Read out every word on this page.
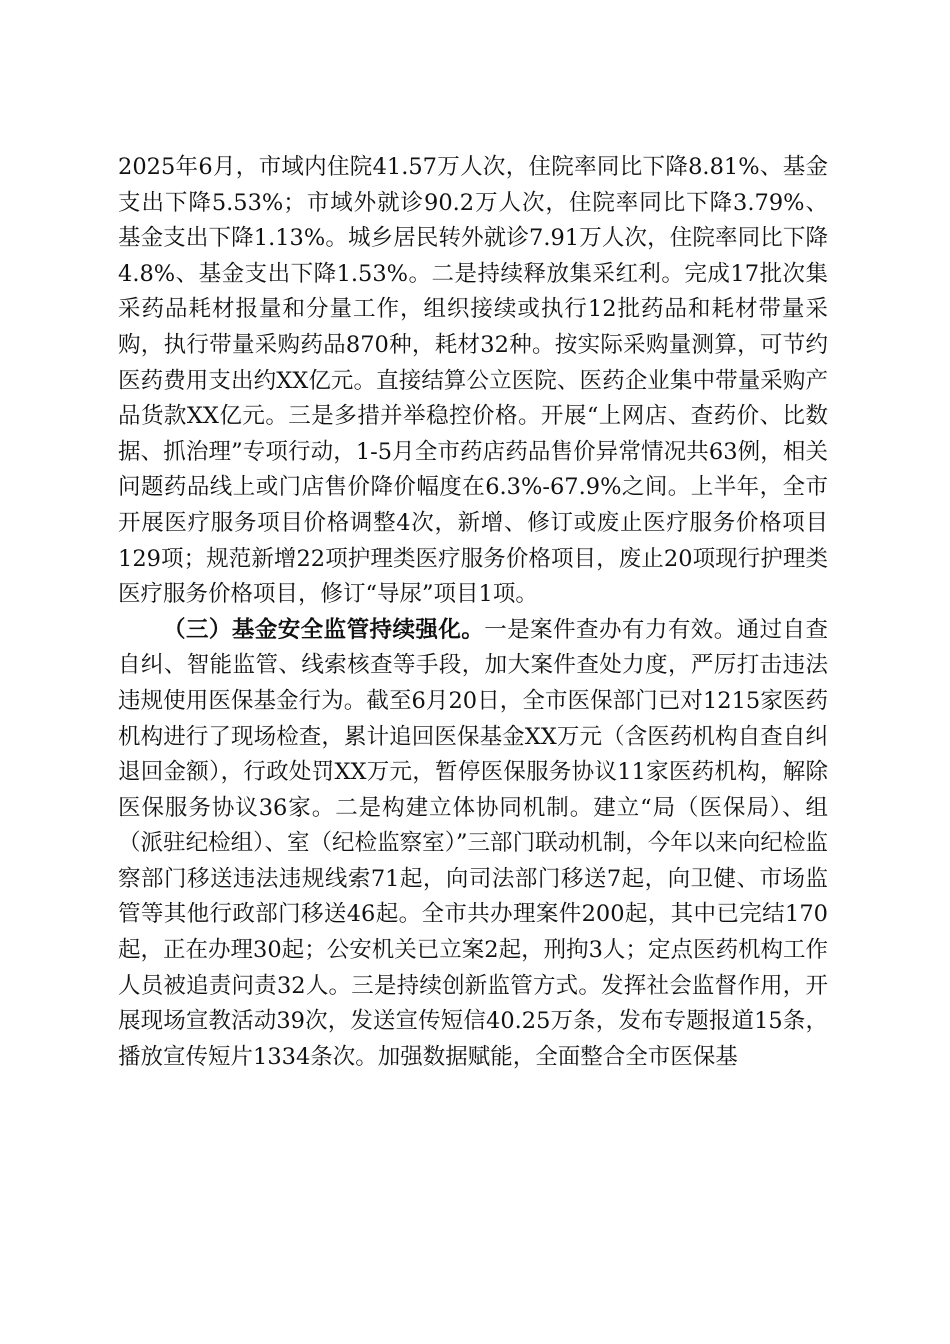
2025年6月，市域内住院41.57万人次，住院率同比下降8.81%、基金支出下降5.53%；市域外就诊90.2万人次，住院率同比下降3.79%、基金支出下降1.13%。城乡居民转外就诊7.91万人次，住院率同比下降4.8%、基金支出下降1.53%。二是持续释放集采红利。完成17批次集采药品耗材报量和分量工作，组织接续或执行12批药品和耗材带量采购，执行带量采购药品870种，耗材32种。按实际采购量测算，可节约医药费用支出约XX亿元。直接结算公立医院、医药企业集中带量采购产品货款XX亿元。三是多措并举稳控价格。开展“上网店、查药价、比数据、抓治理”专项行动，1-5月全市药店药品售价异常情况共63例，相关问题药品线上或门店售价降价幅度在6.3%-67.9%之间。上半年，全市开展医疗服务项目价格调整4次，新增、修订或废止医疗服务价格项目129项；规范新增22项护理类医疗服务价格项目，废止20项现行护理类医疗服务价格项目，修订“导尿”项目1项。

（三）基金安全监管持续强化。一是案件查办有力有效。通过自查自纠、智能监管、线索核查等手段，加大案件查处力度，严厉打击违法违规使用医保基金行为。截至6月20日，全市医保部门已对1215家医药机构进行了现场检查，累计追回医保基金XX万元（含医药机构自查自纠退回金额），行政处罚XX万元，暂停医保服务协议11家医药机构，解除医保服务协议36家。二是构建立体协同机制。建立“局（医保局）、组（派驻纪检组）、室（纪检监察室）”三部门联动机制，今年以来向纪检监察部门移送违法违规线索71起，向司法部门移送7起，向卫健、市场监管等其他行政部门移送46起。全市共办理案件200起，其中已完结170起，正在办理30起；公安机关已立案2起，刑拘3人；定点医药机构工作人员被追责问责32人。三是持续创新监管方式。发挥社会监督作用，开展现场宣教活动39次，发送宣传短信40.25万条，发布专题报道15条，播放宣传短片1334条次。加强数据赋能，全面整合全市医保基
